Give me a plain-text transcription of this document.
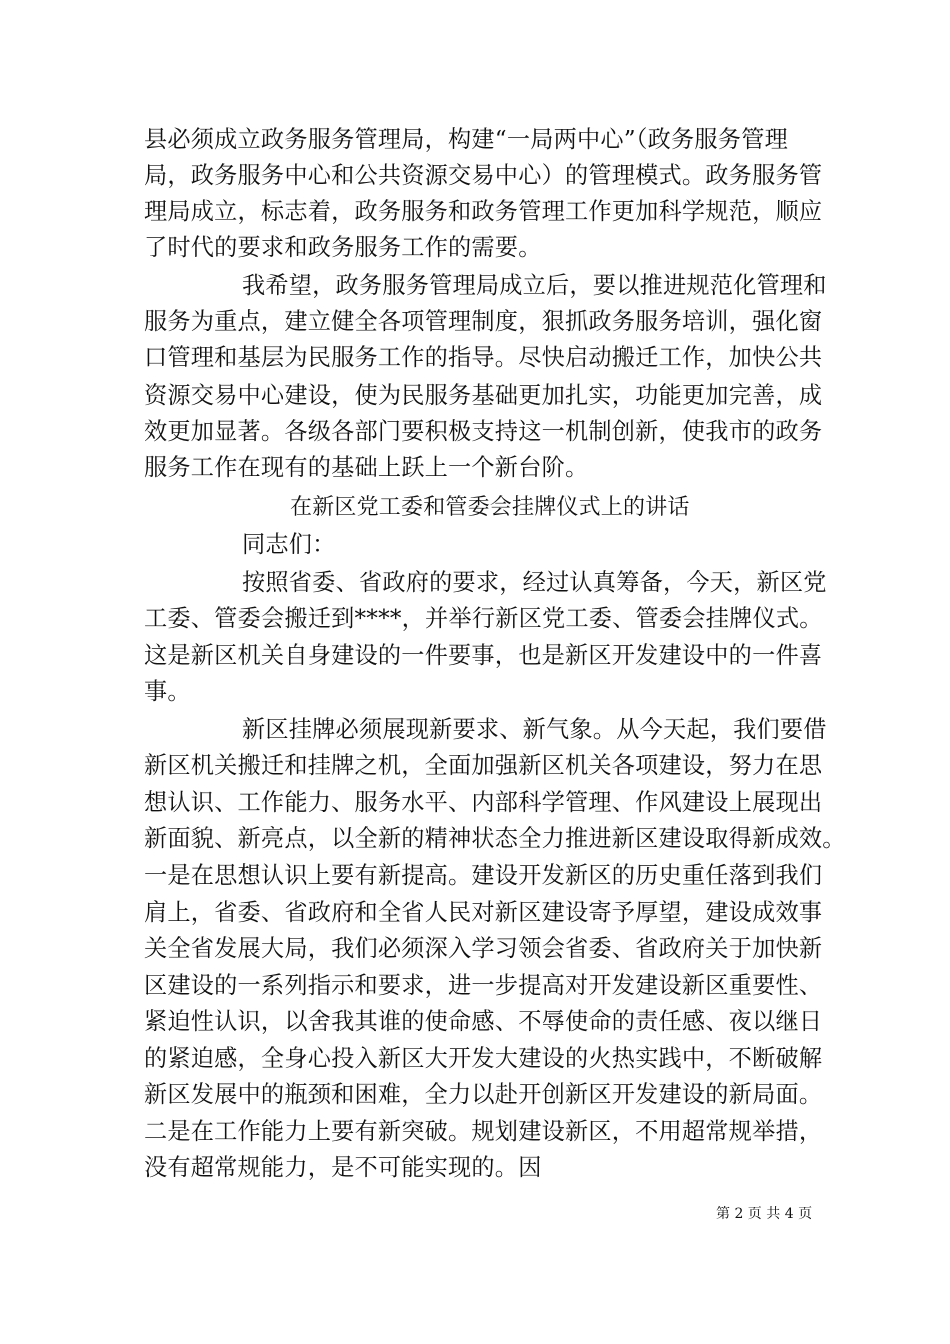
县必须成立政务服务管理局，构建“一局两中心”（政务服务管理
局，政务服务中心和公共资源交易中心）的管理模式。政务服务管
理局成立，标志着，政务服务和政务管理工作更加科学规范，顺应
了时代的要求和政务服务工作的需要。
我希望，政务服务管理局成立后，要以推进规范化管理和
服务为重点，建立健全各项管理制度，狠抓政务服务培训，强化窗
口管理和基层为民服务工作的指导。尽快启动搬迁工作，加快公共
资源交易中心建设，使为民服务基础更加扎实，功能更加完善，成
效更加显著。各级各部门要积极支持这一机制创新，使我市的政务
服务工作在现有的基础上跃上一个新台阶。
在新区党工委和管委会挂牌仪式上的讲话
同志们：
按照省委、省政府的要求，经过认真筹备，今天，新区党
工委、管委会搬迁到****，并举行新区党工委、管委会挂牌仪式。
这是新区机关自身建设的一件要事，也是新区开发建设中的一件喜
事。
新区挂牌必须展现新要求、新气象。从今天起，我们要借
新区机关搬迁和挂牌之机，全面加强新区机关各项建设，努力在思
想认识、工作能力、服务水平、内部科学管理、作风建设上展现出
新面貌、新亮点，以全新的精神状态全力推进新区建设取得新成效。
一是在思想认识上要有新提高。建设开发新区的历史重任落到我们
肩上，省委、省政府和全省人民对新区建设寄予厚望，建设成效事
关全省发展大局，我们必须深入学习领会省委、省政府关于加快新
区建设的一系列指示和要求，进一步提高对开发建设新区重要性、
紧迫性认识，以舍我其谁的使命感、不辱使命的责任感、夜以继日
的紧迫感，全身心投入新区大开发大建设的火热实践中，不断破解
新区发展中的瓶颈和困难，全力以赴开创新区开发建设的新局面。
二是在工作能力上要有新突破。规划建设新区，不用超常规举措，
没有超常规能力，是不可能实现的。因
第 2 页 共 4 页
